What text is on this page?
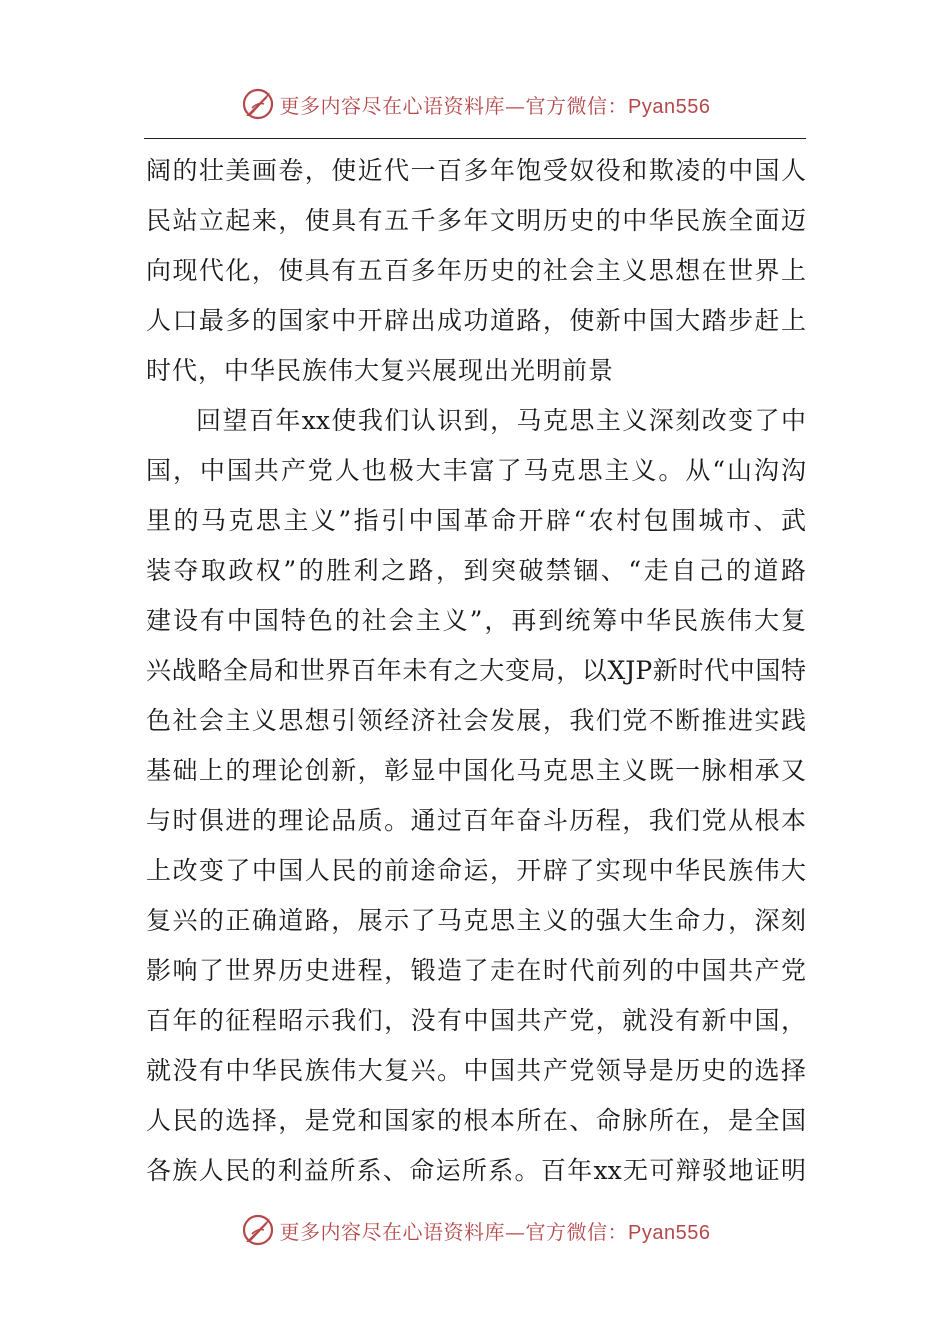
更多内容尽在心语资料库—官方微信：Pyan556
阔的壮美画卷，使近代一百多年饱受奴役和欺凌的中国人
民站立起来，使具有五千多年文明历史的中华民族全面迈
向现代化，使具有五百多年历史的社会主义思想在世界上
人口最多的国家中开辟出成功道路，使新中国大踏步赶上
时代，中华民族伟大复兴展现出光明前景
回望百年xx使我们认识到，马克思主义深刻改变了中
国，中国共产党人也极大丰富了马克思主义。从“山沟沟
里的马克思主义”指引中国革命开辟“农村包围城市、武
装夺取政权”的胜利之路，到突破禁锢、“走自己的道路
建设有中国特色的社会主义”，再到统筹中华民族伟大复
兴战略全局和世界百年未有之大变局，以XJP新时代中国特
色社会主义思想引领经济社会发展，我们党不断推进实践
基础上的理论创新，彰显中国化马克思主义既一脉相承又
与时俱进的理论品质。通过百年奋斗历程，我们党从根本
上改变了中国人民的前途命运，开辟了实现中华民族伟大
复兴的正确道路，展示了马克思主义的强大生命力，深刻
影响了世界历史进程，锻造了走在时代前列的中国共产党
百年的征程昭示我们，没有中国共产党，就没有新中国，
就没有中华民族伟大复兴。中国共产党领导是历史的选择
人民的选择，是党和国家的根本所在、命脉所在，是全国
各族人民的利益所系、命运所系。百年xx无可辩驳地证明
更多内容尽在心语资料库—官方微信：Pyan556
